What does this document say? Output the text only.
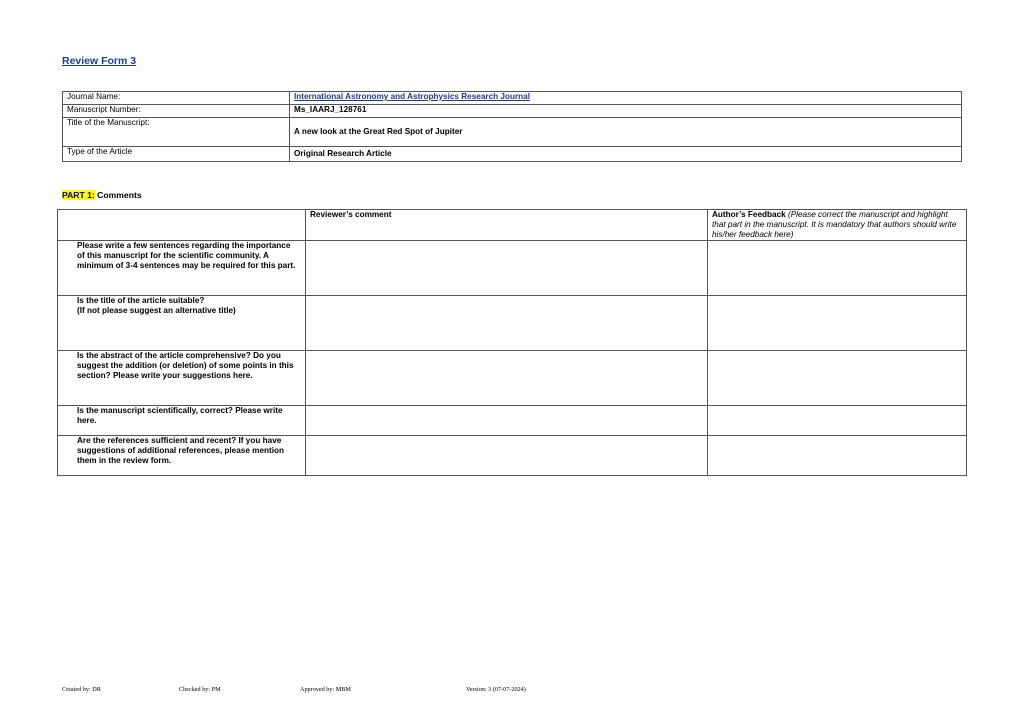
Review Form 3
Journal Name:	International Astronomy and Astrophysics Research Journal
Manuscript Number:	Ms_IAARJ_128761
Title of the Manuscript:	A new look at the Great Red Spot of Jupiter
Type of the Article	Original Research Article
PART 1: Comments
	Reviewer’s comment	Author’s Feedback (Please correct the manuscript and highlight that part in the manuscript. It is mandatory that authors should write his/her feedback here)
Please write a few sentences regarding the importance of this manuscript for the scientific community. A minimum of 3-4 sentences may be required for this part.		
Is the title of the article suitable?
(If not please suggest an alternative title)		
Is the abstract of the article comprehensive? Do you suggest the addition (or deletion) of some points in this section? Please write your suggestions here.		
Is the manuscript scientifically, correct? Please write here.		
Are the references sufficient and recent? If you have suggestions of additional references, please mention them in the review form.		
Created by: DR	Checked by: PM	Approved by: MBM	Version: 3 (07-07-2024)
